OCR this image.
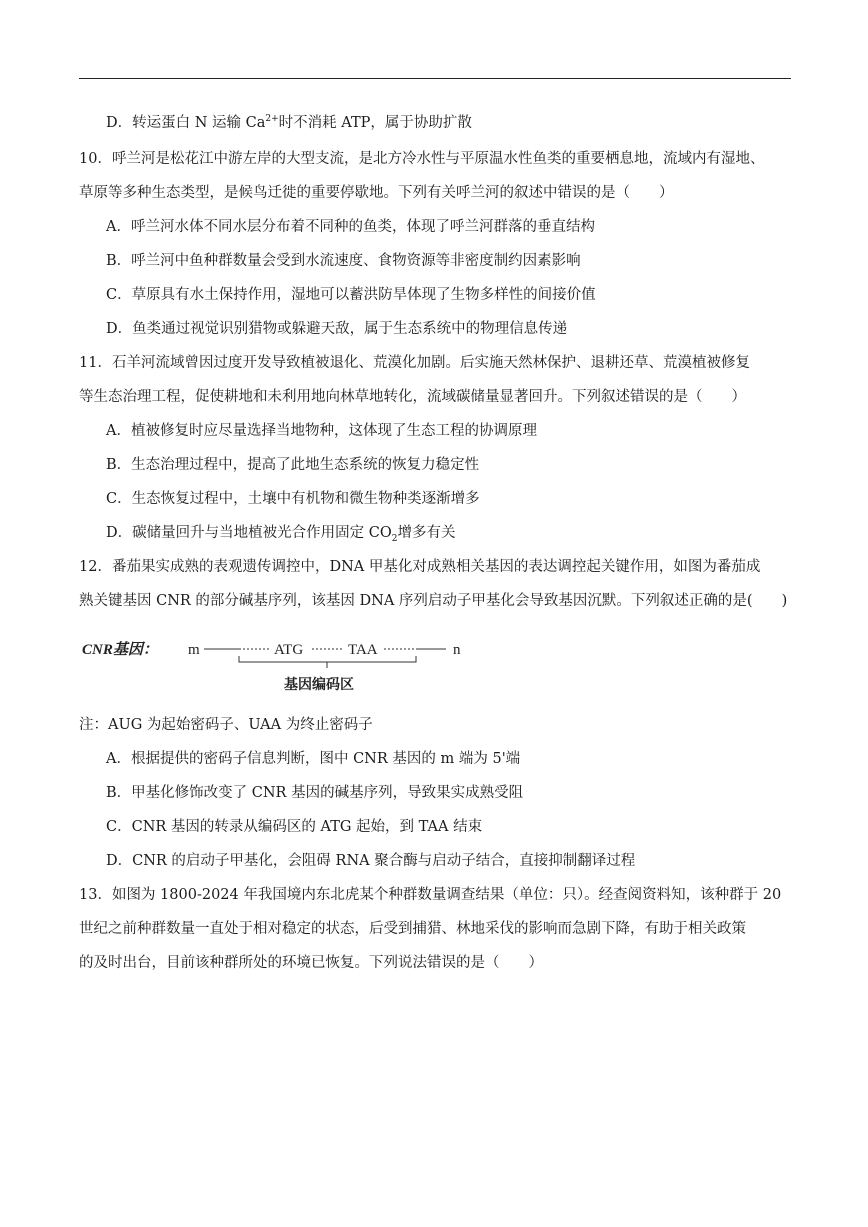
D．转运蛋白 N 运输 $Ca^{2+}$时不消耗 ATP，属于协助扩散
10．呼兰河是松花江中游左岸的大型支流，是北方冷水性与平原温水性鱼类的重要栖息地，流域内有湿地、
草原等多种生态类型，是候鸟迁徙的重要停歇地。下列有关呼兰河的叙述中错误的是（　　）
A．呼兰河水体不同水层分布着不同种的鱼类，体现了呼兰河群落的垂直结构
B．呼兰河中鱼种群数量会受到水流速度、食物资源等非密度制约因素影响
C．草原具有水土保持作用，湿地可以蓄洪防旱体现了生物多样性的间接价值
D．鱼类通过视觉识别猎物或躲避天敌，属于生态系统中的物理信息传递
11．石羊河流域曾因过度开发导致植被退化、荒漠化加剧。后实施天然林保护、退耕还草、荒漠植被修复
等生态治理工程，促使耕地和未利用地向林草地转化，流域碳储量显著回升。下列叙述错误的是（　　）
A．植被修复时应尽量选择当地物种，这体现了生态工程的协调原理
B．生态治理过程中，提高了此地生态系统的恢复力稳定性
C．生态恢复过程中，土壤中有机物和微生物种类逐渐增多
D．碳储量回升与当地植被光合作用固定 $CO_2$增多有关
12．番茄果实成熟的表观遗传调控中，DNA 甲基化对成熟相关基因的表达调控起关键作用，如图为番茄成
熟关键基因 CNR 的部分碱基序列，该基因 DNA 序列启动子甲基化会导致基因沉默。下列叙述正确的是(　　)
CNR基因： m	ATG	TAA	n
基因编码区
注：AUG 为起始密码子、UAA 为终止密码子
A．根据提供的密码子信息判断，图中 CNR 基因的 m 端为 5'端
B．甲基化修饰改变了 CNR 基因的碱基序列，导致果实成熟受阻
C．CNR 基因的转录从编码区的 ATG 起始，到 TAA 结束
D．CNR 的启动子甲基化，会阻碍 RNA 聚合酶与启动子结合，直接抑制翻译过程
13．如图为 1800-2024 年我国境内东北虎某个种群数量调查结果（单位：只）。经查阅资料知，该种群于 20
世纪之前种群数量一直处于相对稳定的状态，后受到捕猎、林地采伐的影响而急剧下降，有助于相关政策
的及时出台，目前该种群所处的环境已恢复。下列说法错误的是（　　）
